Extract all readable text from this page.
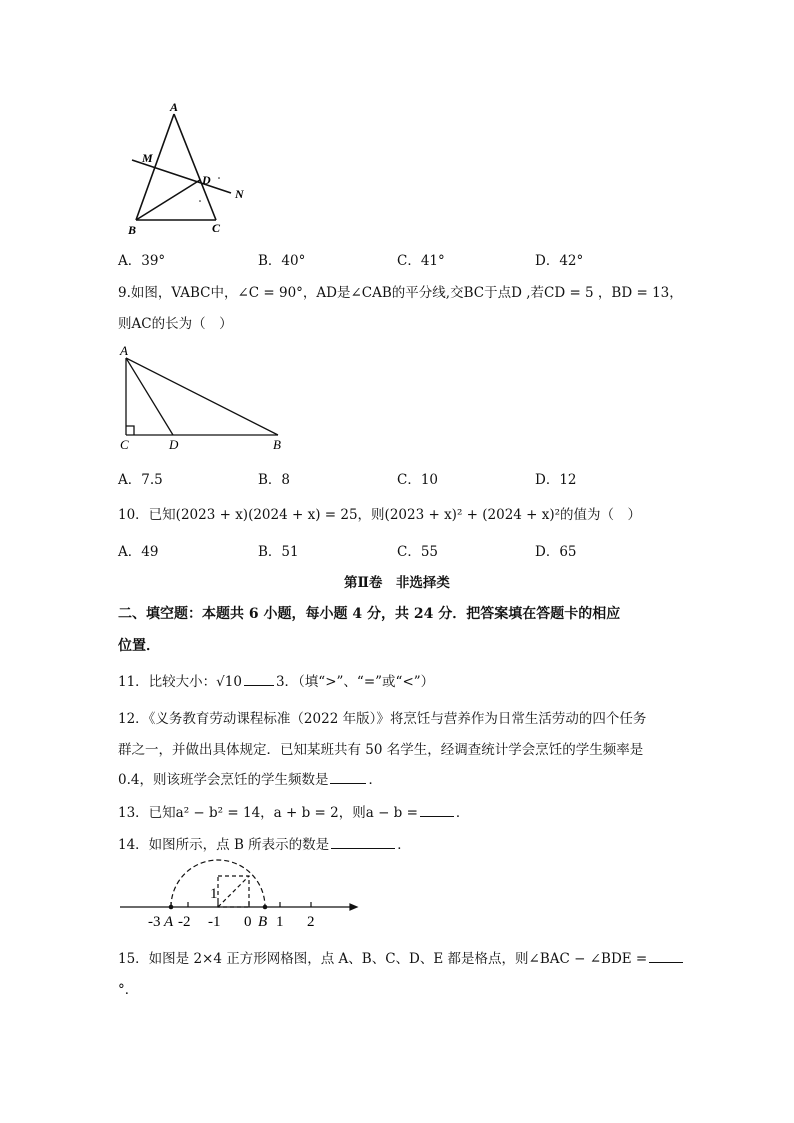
A
M
D
N
B	C
A．39°	B．40°	C．41°	D．42°
9.如图，VABC中，∠C = 90°，AD是∠CAB的平分线,交BC于点D ,若CD = 5 ，BD = 13，
则AC的长为（　）
A
C	D	B
A．7.5	B．8	C．10	D．12
10．已知(2023 + x)(2024 + x) = 25，则(2023 + x)² + (2024 + x)²的值为（　）
A．49	B．51	C．55	D．65
第Ⅱ卷　非选择类
二、填空题：本题共 6 小题，每小题 4 分，共 24 分．把答案填在答题卡的相应
位置．
11．比较大小：√10	3．（填“>”、“=”或“<”）
12．《义务教育劳动课程标准（2022 年版）》将烹饪与营养作为日常生活劳动的四个任务
群之一，并做出具体规定．已知某班共有 50 名学生，经调查统计学会烹饪的学生频率是
0.4，则该班学会烹饪的学生频数是	．
13．已知a² − b² = 14，a + b = 2，则a − b =	．
14．如图所示，点 B 所表示的数是	．
-3 A -2 -1 0 B 1 2
1
15．如图是 2×4 正方形网格图，点 A、B、C、D、E 都是格点，则∠BAC − ∠BDE =
°．
